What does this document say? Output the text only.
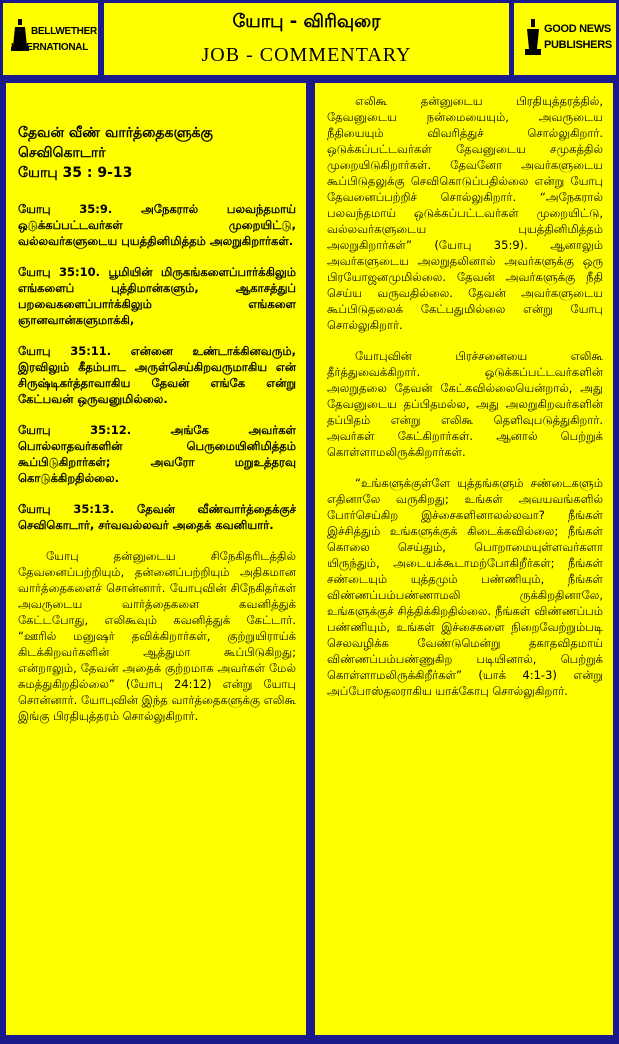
BELLWETHER
INTERNATIONAL
யோபு - விரிவுரை
JOB - COMMENTARY
GOOD NEWS
PUBLISHERS
தேவன் வீண் வார்த்தைகளுக்கு செவிகொடார்
யோபு 35 : 9-13

யோபு 35:9. அநேகரால் பலவந்தமாய் ஒடுக்கப்பட்டவர்கள் முறையிட்டு, வல்லவர்களுடைய புயத்தினிமித்தம் அலறுகிறார்கள்.

யோபு 35:10. பூமியின் மிருகங்களைப்பார்க்கிலும் எங்களைப் புத்திமான்களும், ஆகாசத்துப் பறவைகளைப்பார்க்கிலும் எங்களை ஞானவான்களுமாக்கி,

யோபு 35:11. என்னை உண்டாக்கினவரும், இரவிலும் கீதம்பாட அருள்செய்கிறவருமாகிய என் சிருஷ்டிகர்த்தாவாகிய தேவன் எங்கே என்று கேட்பவன் ஒருவனுமில்லை.

யோபு 35:12. அங்கே அவர்கள் பொல்லாதவர்களின் பெருமையினிமித்தம் கூப்பிடுகிறார்கள்; அவரோ மறுஉத்தரவு கொடுக்கிறதில்லை.

யோபு 35:13. தேவன் வீண்வார்த்தைக்குச் செவிகொடார், சர்வவல்லவர் அதைக் கவனியார்.

யோபு தன்னுடைய சிநேகிதரிடத்தில் தேவனைப்பற்றியும், தன்னைப்பற்றியும் அதிகமான வார்த்தைகளைச் சொன்னார். யோபுவின் சிநேகிதர்கள் அவருடைய வார்த்தைகளை கவனித்துக் கேட்டபோது, எலிகூவும் கவனித்துக் கேட்டார். “ஊரில் மனுஷர் தவிக்கிறார்கள், குற்றுயிராய்க் கிடக்கிறவர்களின் ஆத்துமா கூப்பிடுகிறது; என்றாலும், தேவன் அதைக் குற்றமாக அவர்கள் மேல் சுமத்துகிறதில்லை” (யோபு 24:12) என்று யோபு சொன்னார். யோபுவின் இந்த வார்த்தைகளுக்கு எலிகூ இங்கு பிரதியுத்தரம் சொல்லுகிறார்.

எலிகூ தன்னுடைய பிரதியுத்தரத்தில், தேவனுடைய நன்மையையும், அவருடைய நீதியையும் விவரித்துச் சொல்லுகிறார். ஒடுக்கப்பட்டவர்கள் தேவனுடைய சமுகத்தில் முறையிடுகிறார்கள். தேவனோ அவர்களுடைய கூப்பிடுதலுக்கு செவிகொடுப்பதில்லை என்று யோபு தேவனைப்பற்றிச் சொல்லுகிறார். “அநேகரால் பலவந்தமாய் ஒடுக்கப்பட்டவர்கள் முறையிட்டு, வல்லவர்களுடைய புயத்தினிமித்தம் அலறுகிறார்கள்” (யோபு 35:9). ஆனாலும் அவர்களுடைய அலறுதலினால் அவர்களுக்கு ஒரு பிரயோஜனமுமில்லை. தேவன் அவர்களுக்கு நீதி செய்ய வருவதில்லை. தேவன் அவர்களுடைய கூப்பிடுதலைக் கேட்பதுமில்லை என்று யோபு சொல்லுகிறார்.

யோபுவின் பிரச்சனையை எலிகூ தீர்த்துவைக்கிறார். ஒடுக்கப்பட்டவர்களின் அலறுதலை தேவன் கேட்கவில்லையென்றால், அது தேவனுடைய தப்பிதமல்ல, அது அலறுகிறவர்களின் தப்பிதம் என்று எலிகூ தெளிவுபடுத்துகிறார். அவர்கள் கேட்கிறார்கள். ஆனால் பெற்றுக் கொள்ளாமலிருக்கிறார்கள்.

“உங்களுக்குள்ளே யுத்தங்களும் சண்டைகளும் எதினாலே வருகிறது; உங்கள் அவயவங்களில் போர்செய்கிற இச்சைகளினாலல்லவா? நீங்கள் இச்சித்தும் உங்களுக்குக் கிடைக்கவில்லை; நீங்கள் கொலை செய்தும், பொறாமையுள்ளவர்களா யிருந்தும், அடையக்கூடாமற்போகிறீர்கள்; நீங்கள் சண்டையும் யுத்தமும் பண்ணியும், நீங்கள் விண்ணப்பம்பண்ணாமலி ருக்கிறதினாலே, உங்களுக்குச் சித்திக்கிறதில்லை. நீங்கள் விண்ணப்பம் பண்ணியும், உங்கள் இச்சைகளை நிறைவேற்றும்படி செலவழிக்க வேண்டுமென்று தகாதவிதமாய் விண்ணப்பம்பண்ணுகிற படியினால், பெற்றுக் கொள்ளாமலிருக்கிறீர்கள்” (யாக் 4:1-3) என்று அப்போஸ்தலராகிய யாக்கோபு சொல்லுகிறார்.
